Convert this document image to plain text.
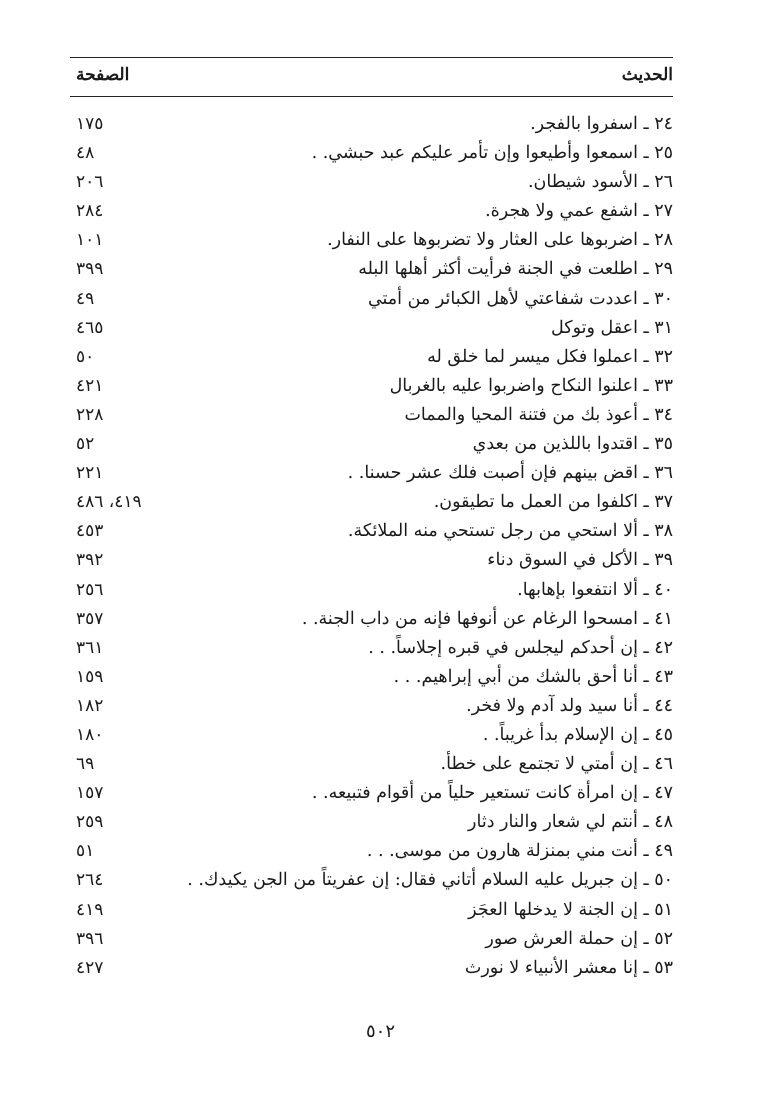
الحديث
الصفحة
٢٤ ـ اسفروا بالفجر.
١٧٥
٢٥ ـ اسمعوا وأطيعوا وإن تأمر عليكم عبد حبشي. .
٤٨
٢٦ ـ الأسود شيطان.
٢٠٦
٢٧ ـ اشفع عمي ولا هجرة.
٢٨٤
٢٨ ـ اضربوها على العثار ولا تضربوها على النفار.
١٠١
٢٩ ـ اطلعت في الجنة فرأيت أكثر أهلها البله
٣٩٩
٣٠ ـ اعددت شفاعتي لأهل الكبائر من أمتي
٤٩
٣١ ـ اعقل وتوكل
٤٦٥
٣٢ ـ اعملوا فكل ميسر لما خلق له
٥٠
٣٣ ـ اعلنوا النكاح واضربوا عليه بالغربال
٤٢١
٣٤ ـ أعوذ بك من فتنة المحيا والممات
٢٢٨
٣٥ ـ اقتدوا باللذين من بعدي
٥٢
٣٦ ـ اقض بينهم فإن أصبت فلك عشر حسنا. .
٢٢١
٣٧ ـ اكلفوا من العمل ما تطيقون.
٤١٩، ٤٨٦
٣٨ ـ ألا استحي من رجل تستحي منه الملائكة.
٤٥٣
٣٩ ـ الأكل في السوق دناء
٣٩٢
٤٠ ـ ألا انتفعوا بإهابها.
٢٥٦
٤١ ـ امسحوا الرغام عن أنوفها فإنه من داب الجنة. .
٣٥٧
٤٢ ـ إن أحدكم ليجلس في قبره إجلاساً. . .
٣٦١
٤٣ ـ أنا أحق بالشك من أبي إبراهيم. . .
١٥٩
٤٤ ـ أنا سيد ولد آدم ولا فخر.
١٨٢
٤٥ ـ إن الإسلام بدأ غريباً. .
١٨٠
٤٦ ـ إن أمتي لا تجتمع على خطأ.
٦٩
٤٧ ـ إن امرأة كانت تستعير حلياً من أقوام فتبيعه. .
١٥٧
٤٨ ـ أنتم لي شعار والنار دثار
٢٥٩
٤٩ ـ أنت مني بمنزلة هارون من موسى. . .
٥١
٥٠ ـ إن جبريل عليه السلام أتاني فقال: إن عفريتاً من الجن يكيدك. .
٢٦٤
٥١ ـ إن الجنة لا يدخلها العجَز
٤١٩
٥٢ ـ إن حملة العرش صور
٣٩٦
٥٣ ـ إنا معشر الأنبياء لا نورث
٤٢٧
٥٠٢
